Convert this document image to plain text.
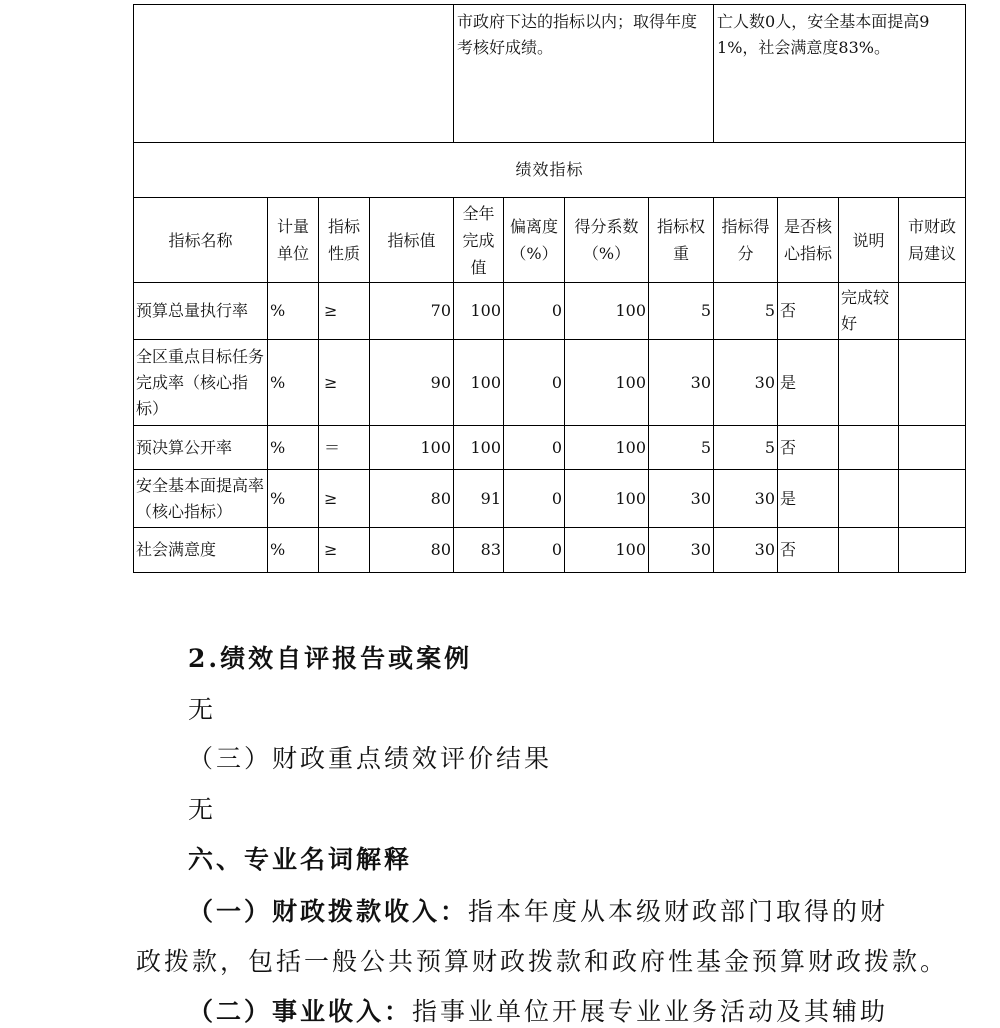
				市政府下达的指标以内；取得年度考核好成绩。				亡人数0人，安全基本面提高91%，社会满意度83%。			
绩效指标											
指标名称	计量单位	指标性质	指标值	全年完成值	偏离度（%）	得分系数（%）	指标权重	指标得分	是否核心指标	说明	市财政局建议
预算总量执行率	%	≥	70	100	0	100	5	5	否	完成较好	
全区重点目标任务完成率（核心指标）	%	≥	90	100	0	100	30	30	是		
预决算公开率	%	＝	100	100	0	100	5	5	否		
安全基本面提高率（核心指标）	%	≥	80	91	0	100	30	30	是		
社会满意度	%	≥	80	83	0	100	30	30	否		
2.绩效自评报告或案例
无
（三）财政重点绩效评价结果
无
六、专业名词解释
（一）财政拨款收入：指本年度从本级财政部门取得的财
政拨款，包括一般公共预算财政拨款和政府性基金预算财政拨款。
（二）事业收入：指事业单位开展专业业务活动及其辅助
